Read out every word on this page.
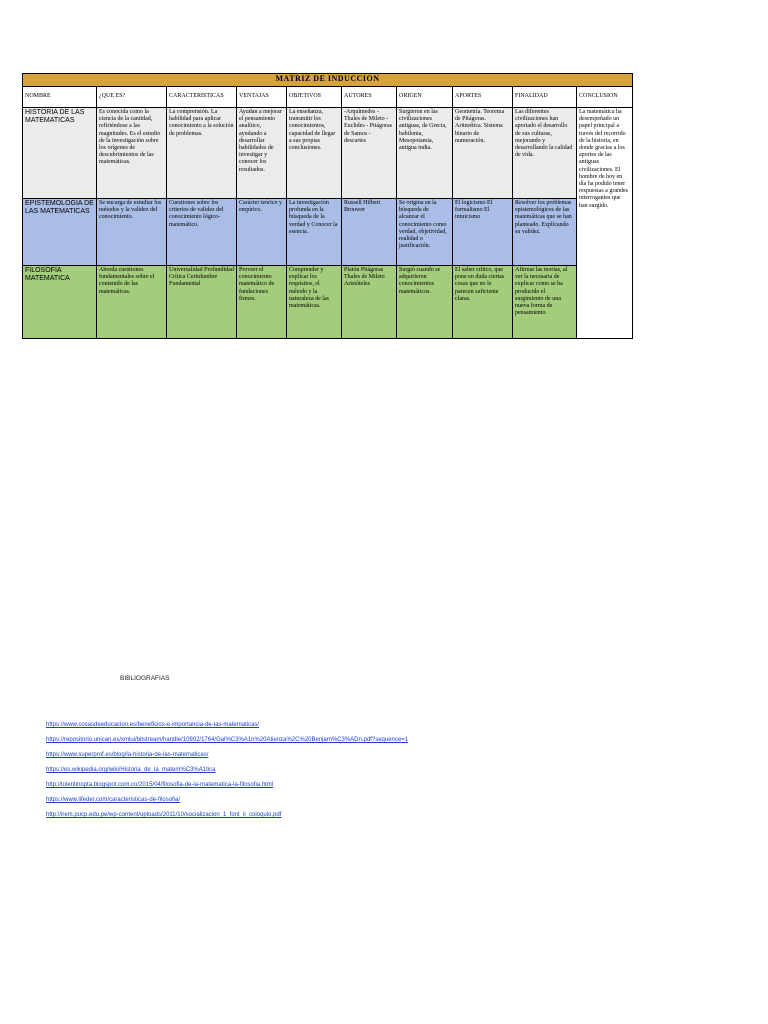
MATRIZ DE INDUCCION									
NOMBRE	¿QUE ES?	CARACTERISTICAS	VENTAJAS	OBJETIVOS	AUTORES	ORIGEN	APORTES	FINALIDAD	CONCLUSION
HISTORIA DE LAS MATEMATICAS	Es conocida como la ciencia de la cantidad, refiriéndose a las magnitudes. Es el estudio de la investigación sobre los orígenes de descubrimientos de las matemáticas.	La comprensión. La habilidad para aplicar conocimiento a la solución de problemas.	Ayudan a mejorar el pensamiento analítico, ayudando a desarrollar habilidades de investigar y conocer los resultados.	La enseñanza, transmitir los conocimientos, capacidad de llegar a sus propias conclusiones.	-Arquímedes - Thales de Mileto - Euclides - Pitágoras de Samos - descartes	Surgieron en las civilizaciones antiguas, de Grecia, babilonia, Mesopotamia, antigua india.	Geometría. Teorema de Pitágoras. Aritmética. Sistema binario de numeración.	Las diferentes civilizaciones han aportado el desarrollo de sus culturas, mejorando y desarrollando la calidad de vida.	La matemática ha desempeñado un papel principal a través del recorrido de la historia, en donde gracias a los aportes de las antiguas civilizaciones. El hombre de hoy en día ha podido tener respuestas a grandes interrogantes que han surgido.
EPISTEMOLOGIA DE LAS MATEMATICAS	Se encarga de estudiar los métodos y la validez del conocimiento.	Cuestiones sobre los criterios de validez del conocimiento lógico-matemático.	Carácter teórico y empírico.	La investigación profunda en la búsqueda de la verdad y Conocer la esencia.	Russell Hilbert Brouwer	Se origina en la búsqueda de alcanzar el conocimiento como verdad, objetividad, realidad o justificación.	El logicismo El formalismo El intuicismo	Resolver los problemas epistemológicos de las matemáticas que se han planteado. Explicando su validez.	
FILOSOFIA MATEMATICA	Aborda cuestiones fundamentales sobre el contenido de las matemáticas.	Universalidad Profundidad Crítica Certidumbre Fundamental	Proveer el conocimiento matemático de fundaciones firmes.	Comprender y explicar los requisitos, el método y la naturaleza de las matemáticas.	Platón Pitágoras Thales de Mileto Aristóteles	Surgió cuando se adquirieron conocimientos matemáticos.	El saber crítico, que pone en duda ciertas cosas que no le parecen suficiente claras.	Afirmar las teorías, al ver la necesaria de explicar como se ha producido el surgimiento de una nueva forma de pensamiento.	
BIBLIOGRAFIAS
https://www.cosasdeeducacion.es/beneficios-e-importancia-de-las-matematicas/
https://repositorio.unican.es/xmlui/bitstream/handle/10902/1764/Gal%C3%A1n%20Atienza%2C%20Benjam%C3%ADn.pdf?sequence=1
https://www.superprof.es/blog/la-historia-de-las-matematicas/
https://es.wikipedia.org/wiki/Historia_de_la_matem%C3%A1tica
http://tolentinopta.blogspot.com.co/2015/04/filosofia-de-la-matematica-la-filosofia.html
https://www.lifeder.com/caracteristicas-de-filosofia/
http://irem.pucp.edu.pe/wp-content/uploads/2011/10/socializacion_1_font_ii_coloquio.pdf
